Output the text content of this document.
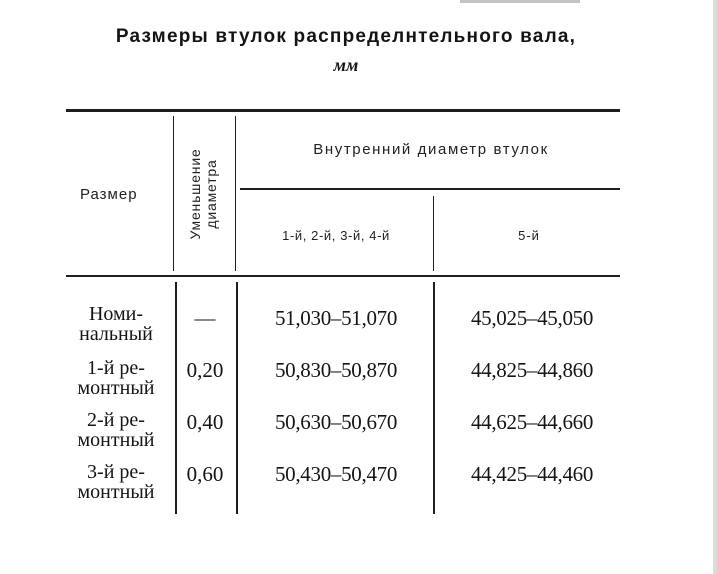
Размеры втулок распределнтельного вала,
мм
Размер	Уменьшение диаметра
Внутренний диаметр втулок
1-й, 2-й, 3-й, 4-й	5-й
Номи-
нальный
—	51,030–51,070	45,025–45,050
1-й ре-
монтный
0,20	50,830–50,870	44,825–44,860
2-й ре-
монтный
0,40	50,630–50,670	44,625–44,660
3-й ре-
монтный
0,60	50,430–50,470	44,425–44,460
